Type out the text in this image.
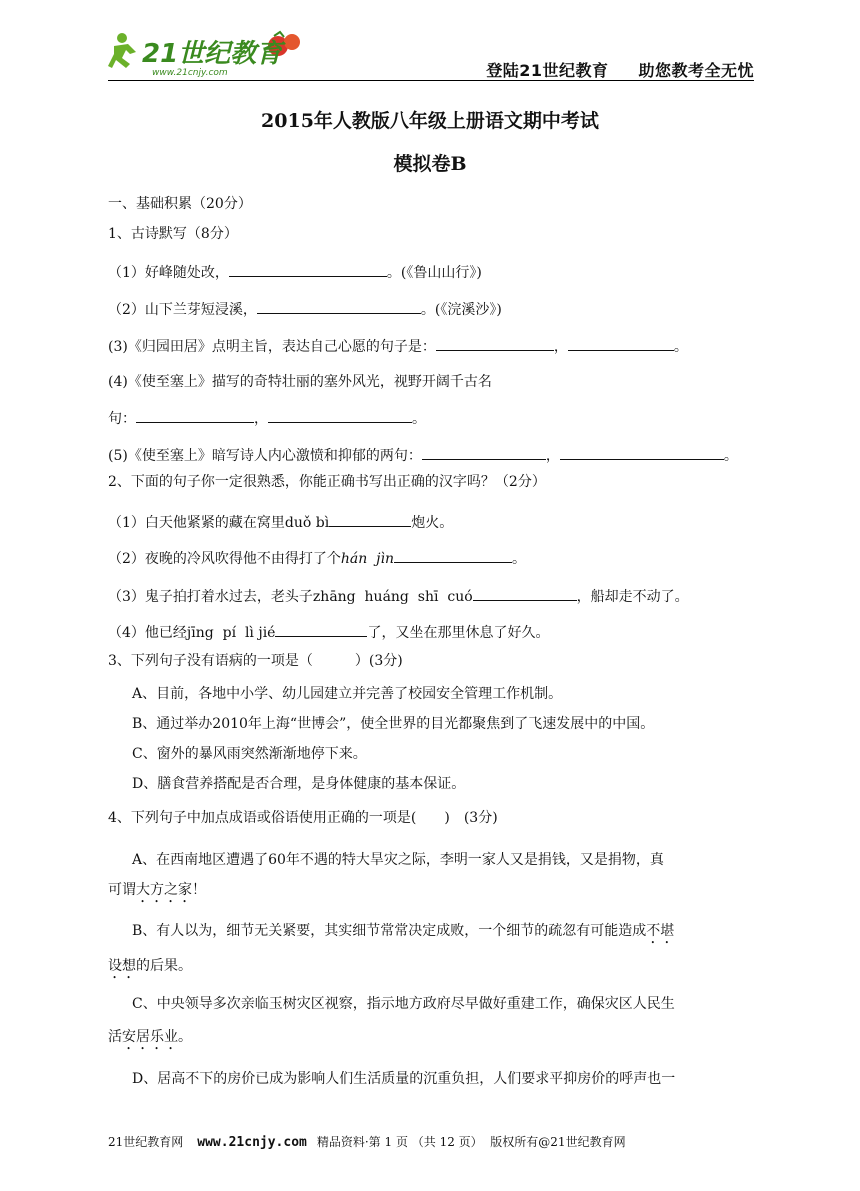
21世纪教育
www.21cnjy.com	登陆21世纪教育 助您教考全无忧
2015年人教版八年级上册语文期中考试
模拟卷B
一、基础积累（20分）
1、古诗默写（8分）
（1）好峰随处改，	。(《鲁山山行》)
（2）山下兰芽短浸溪，	。(《浣溪沙》)
(3)《归园田居》点明主旨，表达自己心愿的句子是：	，	。
(4)《使至塞上》描写的奇特壮丽的塞外风光，视野开阔千古名
句：	，	。
(5)《使至塞上》暗写诗人内心激愤和抑郁的两句：	，	。
2、下面的句子你一定很熟悉，你能正确书写出正确的汉字吗？（2分）
（1）白天他紧紧的藏在窝里duǒ bì	炮火。
（2）夜晚的冷风吹得他不由得打了个hán  jìn	。
（3）鬼子拍打着水过去，老头子zhāng  huáng  shī  cuó	，船却走不动了。
（4）他已经jīng  pí  lì jié	了，又坐在那里休息了好久。
3、下列句子没有语病的一项是（　　　）(3分)
A、目前，各地中小学、幼儿园建立并完善了校园安全管理工作机制。
B、通过举办2010年上海“世博会”，使全世界的目光都聚焦到了飞速发展中的中国。
C、窗外的暴风雨突然渐渐地停下来。
D、膳食营养搭配是否合理，是身体健康的基本保证。
4、下列句子中加点成语或俗语使用正确的一项是(　　)　(3分)
A、在西南地区遭遇了60年不遇的特大旱灾之际，李明一家人又是捐钱，又是捐物，真
可谓大方之家！
B、有人以为，细节无关紧要，其实细节常常决定成败，一个细节的疏忽有可能造成不堪
设想的后果。
C、中央领导多次亲临玉树灾区视察，指示地方政府尽早做好重建工作，确保灾区人民生
活安居乐业。
D、居高不下的房价已成为影响人们生活质量的沉重负担，人们要求平抑房价的呼声也一
21世纪教育网 www.21cnjy.com 精品资料·第 1 页 （共 12 页） 版权所有@21世纪教育网
